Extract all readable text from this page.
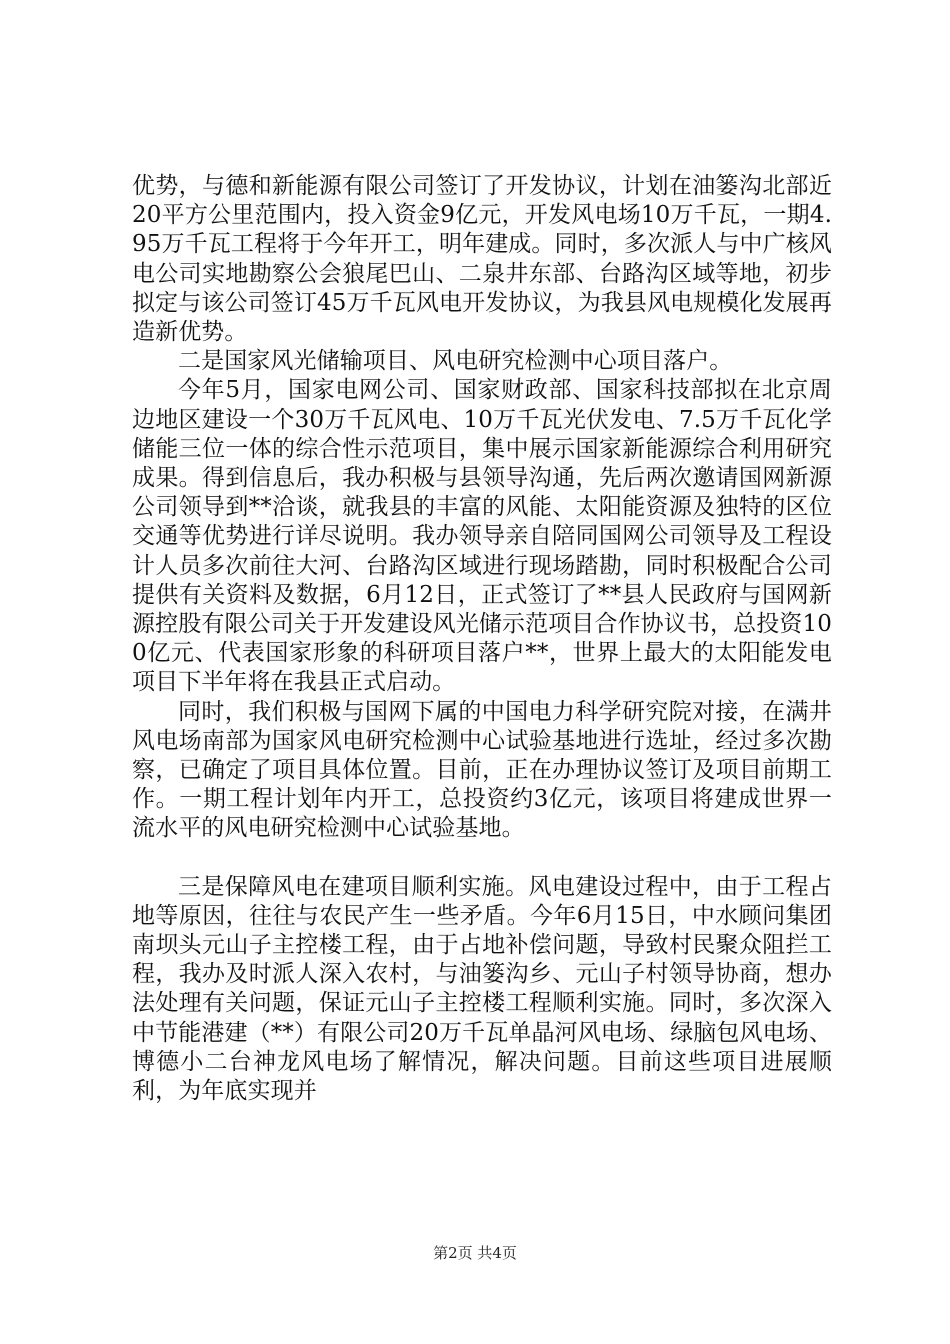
优势，与德和新能源有限公司签订了开发协议，计划在油篓沟北部近20平方公里范围内，投入资金9亿元，开发风电场10万千瓦，一期4.95万千瓦工程将于今年开工，明年建成。同时，多次派人与中广核风电公司实地勘察公会狼尾巴山、二泉井东部、台路沟区域等地，初步拟定与该公司签订45万千瓦风电开发协议，为我县风电规模化发展再造新优势。

二是国家风光储输项目、风电研究检测中心项目落户。

今年5月，国家电网公司、国家财政部、国家科技部拟在北京周边地区建设一个30万千瓦风电、10万千瓦光伏发电、7.5万千瓦化学储能三位一体的综合性示范项目，集中展示国家新能源综合利用研究成果。得到信息后，我办积极与县领导沟通，先后两次邀请国网新源公司领导到**洽谈，就我县的丰富的风能、太阳能资源及独特的区位交通等优势进行详尽说明。我办领导亲自陪同国网公司领导及工程设计人员多次前往大河、台路沟区域进行现场踏勘，同时积极配合公司提供有关资料及数据，6月12日，正式签订了**县人民政府与国网新源控股有限公司关于开发建设风光储示范项目合作协议书，总投资100亿元、代表国家形象的科研项目落户**，世界上最大的太阳能发电项目下半年将在我县正式启动。

同时，我们积极与国网下属的中国电力科学研究院对接，在满井风电场南部为国家风电研究检测中心试验基地进行选址，经过多次勘察，已确定了项目具体位置。目前，正在办理协议签订及项目前期工作。一期工程计划年内开工，总投资约3亿元，该项目将建成世界一流水平的风电研究检测中心试验基地。

三是保障风电在建项目顺利实施。风电建设过程中，由于工程占地等原因，往往与农民产生一些矛盾。今年6月15日，中水顾问集团南坝头元山子主控楼工程，由于占地补偿问题，导致村民聚众阻拦工程，我办及时派人深入农村，与油篓沟乡、元山子村领导协商，想办法处理有关问题，保证元山子主控楼工程顺利实施。同时，多次深入中节能港建（**）有限公司20万千瓦单晶河风电场、绿脑包风电场、博德小二台神龙风电场了解情况，解决问题。目前这些项目进展顺利，为年底实现并

第2页 共4页
